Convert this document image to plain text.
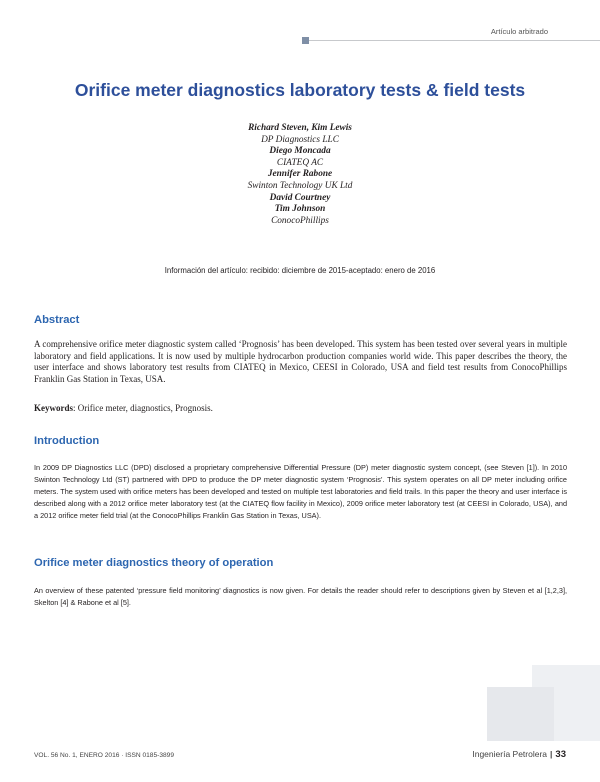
Artículo arbitrado
Orifice meter diagnostics laboratory tests & field tests
Richard Steven, Kim Lewis
DP Diagnostics LLC
Diego Moncada
CIATEQ AC
Jennifer Rabone
Swinton Technology UK Ltd
David Courtney
Tim Johnson
ConocoPhillips
Información del artículo: recibido: diciembre de 2015-aceptado: enero de 2016
Abstract
A comprehensive orifice meter diagnostic system called ‘Prognosis’ has been developed. This system has been tested over several years in multiple laboratory and field applications. It is now used by multiple hydrocarbon production companies world wide. This paper describes the theory, the user interface and shows laboratory test results from CIATEQ in Mexico, CEESI in Colorado, USA and field test results from ConocoPhillips Franklin Gas Station in Texas, USA.
Keywords: Orifice meter, diagnostics, Prognosis.
Introduction
In 2009 DP Diagnostics LLC (DPD) disclosed a proprietary comprehensive Differential Pressure (DP) meter diagnostic system concept, (see Steven [1]). In 2010 Swinton Technology Ltd (ST) partnered with DPD to produce the DP meter diagnostic system ‘Prognosis’. This system operates on all DP meter including orifice meters. The system used with orifice meters has been developed and tested on multiple test laboratories and field trails. In this paper the theory and user interface is described along with a 2012 orifice meter laboratory test (at the CIATEQ flow facility in Mexico), 2009 orifice meter laboratory test (at CEESI in Colorado, USA), and a 2012 orifice meter field trial (at the ConocoPhillips Franklin Gas Station in Texas, USA).
Orifice meter diagnostics theory of operation
An overview of these patented ‘pressure field monitoring’ diagnostics is now given. For details the reader should refer to descriptions given by Steven et al [1,2,3], Skelton [4] & Rabone et al [5].
VOL. 56 No. 1, ENERO 2016 · ISSN 0185-3899	Ingeniería Petrolera | 33
